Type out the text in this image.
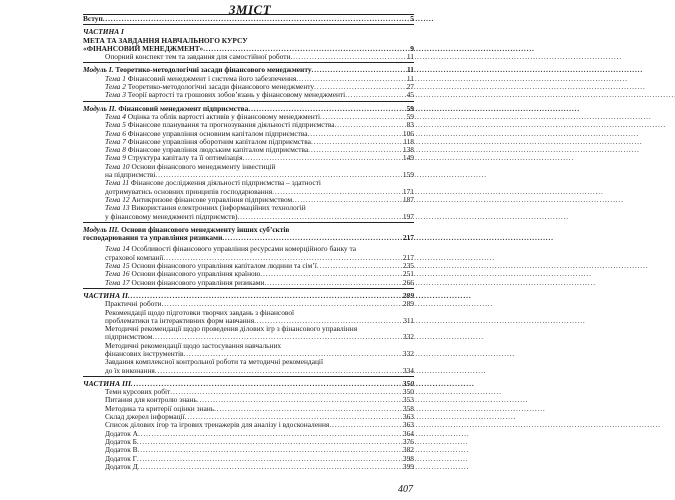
ЗМІСТ
Вступ . . .	5
ЧАСТИНА І
МЕТА ТА ЗАВДАННЯ НАВЧАЛЬНОГО КУРСУ
«ФІНАНСОВИЙ МЕНЕДЖМЕНТ» . . .	9
Опорний конспект тем та завдання для самостійної роботи . . .	11
Модуль І. Теоретико-методологічні засади фінансового менеджменту . . .	11
Тема 1 Фінансовий менеджмент і система його забезпечення . . .	11
Тема 2 Теоретико-методологічні засади фінансового менеджменту . . .	27
Тема 3 Теорії вартості та грошових зобов’язань у фінансовому менеджменті . . .	45
Модуль ІІ. Фінансовий менеджмент підприємства . . .	59
Тема 4 Оцінка та облік вартості активів у фінансовому менеджменті . . .	59
Тема 5 Фінансове планування та прогнозування діяльності підприємства . . .	83
Тема 6 Фінансове управління основним капіталом підприємства . . .	106
Тема 7 Фінансове управління оборотним капіталом підприємства . . .	118
Тема 8 Фінансове управління людським капіталом підприємства . . .	138
Тема 9 Структура капіталу та її оптимізація . . .	149
Тема 10 Основи фінансового менеджменту інвестицій
на підприємстві . . .	159
Тема 11 Фінансове дослідження діяльності підприємства – здатності
дотримуватись основних принципів господарювання . . .	171
Тема 12 Антикризове фінансове управління підприємством . . .	187
Тема 13 Використання електронних (інформаційних технологій
у фінансовому менеджменті підприємств) . . .	197
Модуль ІІІ. Основи фінансового менеджменту інших суб’єктів
господарювання та управління ризиками . . .	217
Тема 14 Особливості фінансового управління ресурсами комерційного банку та
страхової компанії . . .	217
Тема 15 Основи фінансового управління капіталом людини та сім’ї . . .	235
Тема 16 Основи фінансового управління країною . . .	251
Тема 17 Основи фінансового управління ризиками . . .	266
ЧАСТИНА ІІ . . .	289
Практичні роботи . . .	289
Рекомендації щодо підготовки творчих завдань з фінансової
проблематики та інтерактивних форм навчання . . .	311
Методичні рекомендації щодо проведення ділових ігр з фінансового управління
підприємством . . .	332
Методичні рекомендації щодо застосування навчальних
фінансових інструментів . . .	332
Завдання комплексної контрольної роботи та методичні рекомендації
до їх виконання . . .	334
ЧАСТИНА ІІІ . . .	350
Теми курсових робіт . . .	350
Питання для контролю знань . . .	353
Методика та критерії оцінки знань . . .	358
Склад джерел інформації . . .	363
Список ділових ігор та ігрових тренажерів для аналізу і вдосконалення . . .	363
Додаток А . . .	364
Додаток Б . . .	376
Додаток В . . .	382
Додаток Г . . .	398
Додаток Д . . .	399
407
